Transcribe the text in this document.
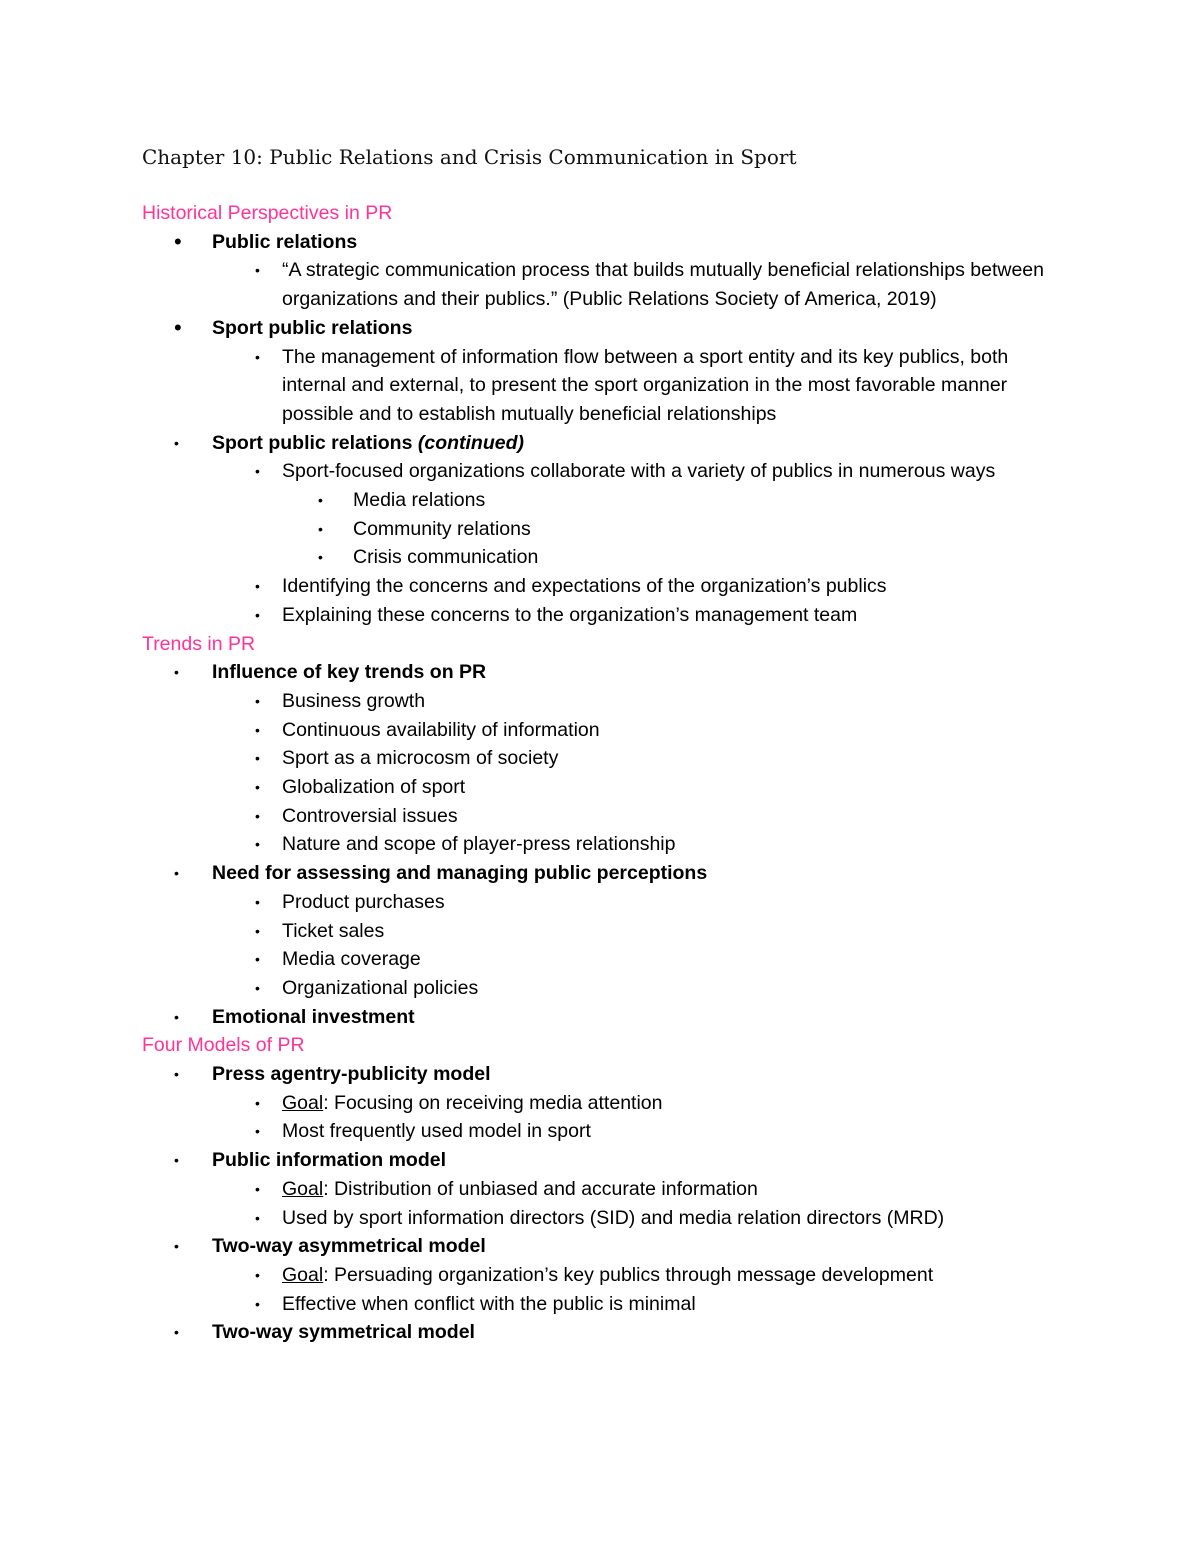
Chapter 10: Public Relations and Crisis Communication in Sport
Historical Perspectives in PR
• Public relations
• “A strategic communication process that builds mutually beneficial relationships between organizations and their publics.” (Public Relations Society of America, 2019)
• Sport public relations
• The management of information flow between a sport entity and its key publics, both internal and external, to present the sport organization in the most favorable manner possible and to establish mutually beneficial relationships
• Sport public relations (continued)
• Sport-focused organizations collaborate with a variety of publics in numerous ways
• Media relations
• Community relations
• Crisis communication
• Identifying the concerns and expectations of the organization’s publics
• Explaining these concerns to the organization’s management team
Trends in PR
• Influence of key trends on PR
• Business growth
• Continuous availability of information
• Sport as a microcosm of society
• Globalization of sport
• Controversial issues
• Nature and scope of player-press relationship
• Need for assessing and managing public perceptions
• Product purchases
• Ticket sales
• Media coverage
• Organizational policies
• Emotional investment
Four Models of PR
• Press agentry-publicity model
• Goal: Focusing on receiving media attention
• Most frequently used model in sport
• Public information model
• Goal: Distribution of unbiased and accurate information
• Used by sport information directors (SID) and media relation directors (MRD)
• Two-way asymmetrical model
• Goal: Persuading organization’s key publics through message development
• Effective when conflict with the public is minimal
• Two-way symmetrical model
